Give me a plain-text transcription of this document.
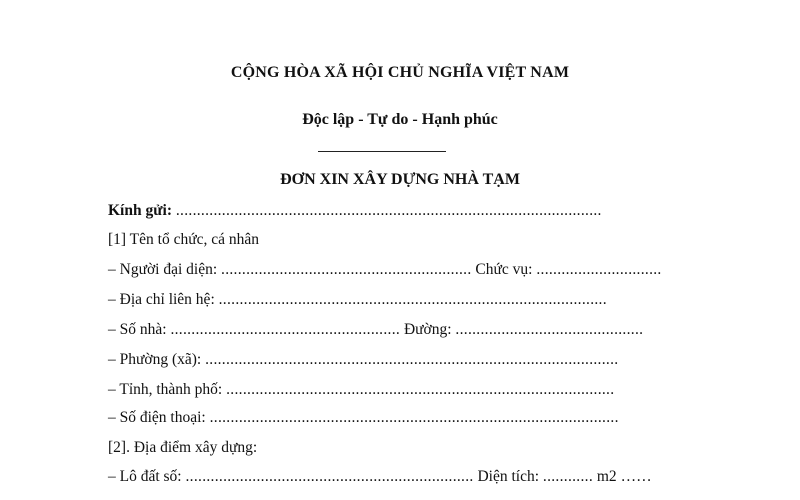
CỘNG HÒA XÃ HỘI CHỦ NGHĨA VIỆT NAM
Độc lập - Tự do - Hạnh phúc
ĐƠN XIN XÂY DỰNG NHÀ TẠM
Kính gửi: ......................................................................................................
[1] Tên tổ chức, cá nhân
– Người đại diện: ............................................................ Chức vụ: ..............................
– Địa chỉ liên hệ: .............................................................................................
– Số nhà: ....................................................... Đường: .............................................
– Phường (xã): ...................................................................................................
– Tỉnh, thành phố: .............................................................................................
– Số điện thoại: ..................................................................................................
[2]. Địa điểm xây dựng:
– Lô đất số: ..................................................................... Diện tích: ............ m2 ……
